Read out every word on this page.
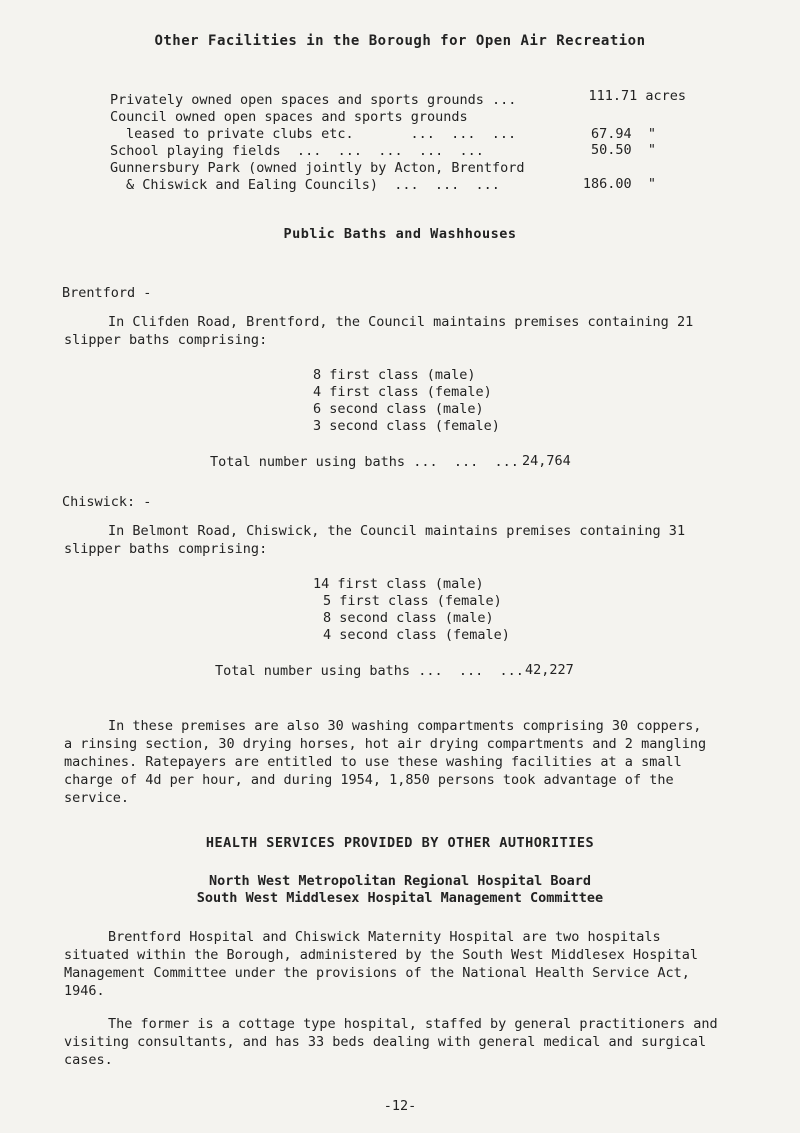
Other Facilities in the Borough for Open Air Recreation
Privately owned open spaces and sports grounds ...	111.71 acres
Council owned open spaces and sports grounds
leased to private clubs etc.       ...  ...  ...	67.94  "
School playing fields  ...  ...  ...  ...  ...	50.50  "
Gunnersbury Park (owned jointly by Acton, Brentford
& Chiswick and Ealing Councils)  ...  ...  ...	186.00  "
Public Baths and Washhouses
Brentford -
In Clifden Road, Brentford, the Council maintains premises containing 21
slipper baths comprising:
8 first class (male)
4 first class (female)
6 second class (male)
3 second class (female)
Total number using baths ...  ...  ... 24,764
Chiswick: -
In Belmont Road, Chiswick, the Council maintains premises containing 31
slipper baths comprising:
14 first class (male)
5 first class (female)
8 second class (male)
4 second class (female)
Total number using baths ...  ...  ... 42,227
In these premises are also 30 washing compartments comprising 30 coppers,
a rinsing section, 30 drying horses, hot air drying compartments and 2 mangling
machines. Ratepayers are entitled to use these washing facilities at a small
charge of 4d per hour, and during 1954, 1,850 persons took advantage of the
service.
HEALTH SERVICES PROVIDED BY OTHER AUTHORITIES
North West Metropolitan Regional Hospital Board
South West Middlesex Hospital Management Committee
Brentford Hospital and Chiswick Maternity Hospital are two hospitals
situated within the Borough, administered by the South West Middlesex Hospital
Management Committee under the provisions of the National Health Service Act,
1946.
The former is a cottage type hospital, staffed by general practitioners and
visiting consultants, and has 33 beds dealing with general medical and surgical
cases.
-12-
